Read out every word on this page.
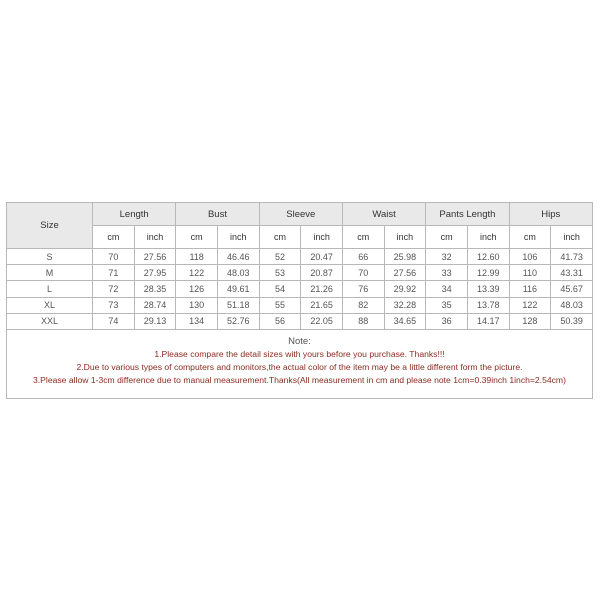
Size	Length		Bust		Sleeve		Waist		Pants Length		Hips	
	cm	inch	cm	inch	cm	inch	cm	inch	cm	inch	cm	inch
S	70	27.56	118	46.46	52	20.47	66	25.98	32	12.60	106	41.73
M	71	27.95	122	48.03	53	20.87	70	27.56	33	12.99	110	43.31
L	72	28.35	126	49.61	54	21.26	76	29.92	34	13.39	116	45.67
XL	73	28.74	130	51.18	55	21.65	82	32.28	35	13.78	122	48.03
XXL	74	29.13	134	52.76	56	22.05	88	34.65	36	14.17	128	50.39
Note:
1.Please compare the detail sizes with yours before you purchase. Thanks!!!
2.Due to various types of computers and monitors,the actual color of the item may be a little different form the picture.
3.Please allow 1-3cm difference due to manual measurement.Thanks(All measurement in cm and please note 1cm=0.39inch 1inch=2.54cm)
